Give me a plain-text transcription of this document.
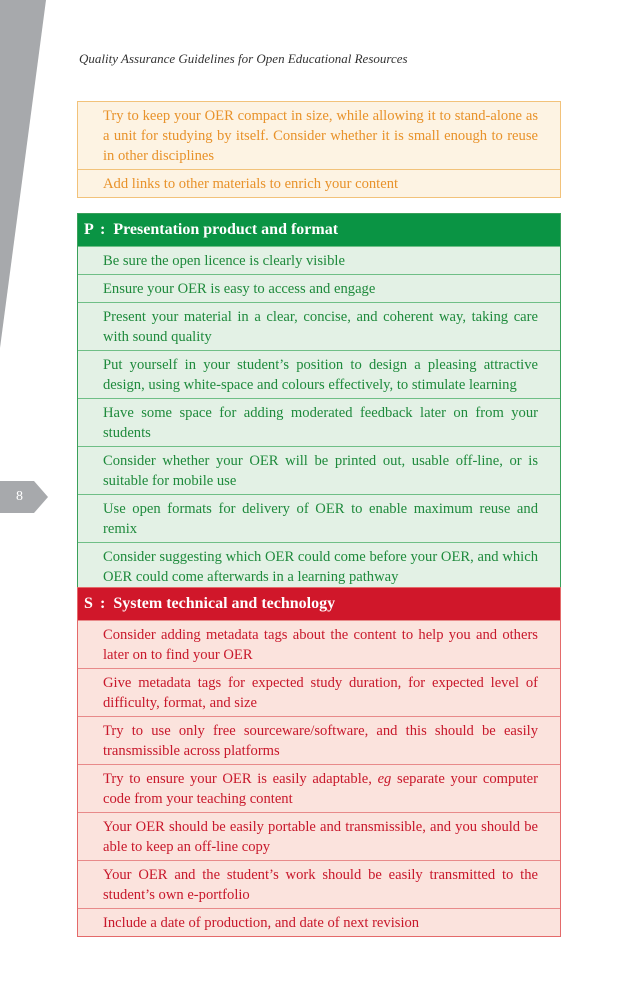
8
Quality Assurance Guidelines for Open Educational Resources
Try to keep your OER compact in size, while allowing it to stand-alone as a unit for studying by itself. Consider whether it is small enough to reuse in other disciplines
Add links to other materials to enrich your content
P : Presentation product and format
Be sure the open licence is clearly visible
Ensure your OER is easy to access and engage
Present your material in a clear, concise, and coherent way, taking care with sound quality
Put yourself in your student’s position to design a pleasing attractive design, using white-space and colours effectively, to stimulate learning
Have some space for adding moderated feedback later on from your students
Consider whether your OER will be printed out, usable off-line, or is suitable for mobile use
Use open formats for delivery of OER to enable maximum reuse and remix
Consider suggesting which OER could come before your OER, and which OER could come afterwards in a learning pathway
S : System technical and technology
Consider adding metadata tags about the content to help you and others later on to find your OER
Give metadata tags for expected study duration, for expected level of difficulty, format, and size
Try to use only free sourceware/software, and this should be easily transmissible across platforms
Try to ensure your OER is easily adaptable, eg separate your computer code from your teaching content
Your OER should be easily portable and transmissible, and you should be able to keep an off-line copy
Your OER and the student’s work should be easily transmitted to the student’s own e-portfolio
Include a date of production, and date of next revision
